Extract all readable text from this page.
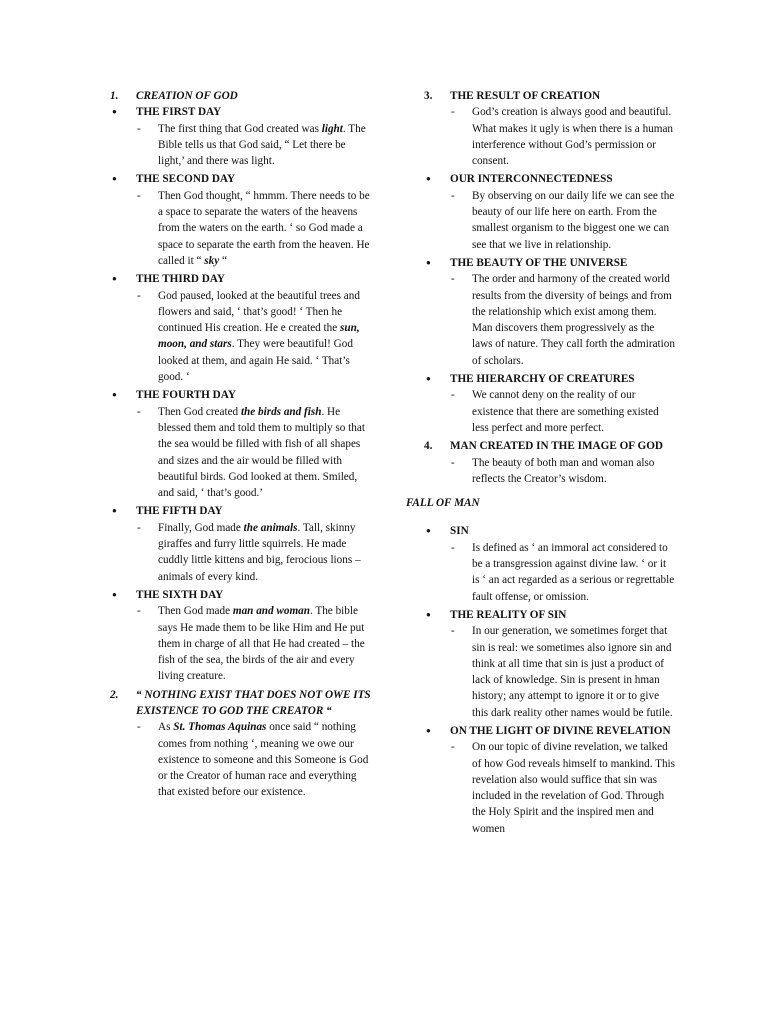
1. CREATION OF GOD
● THE FIRST DAY
- The first thing that God created was light. The Bible tells us that God said, “ Let there be light,’ and there was light.
● THE SECOND DAY
- Then God thought, “ hmmm. There needs to be a space to separate the waters of the heavens from the waters on the earth. ‘ so God made a space to separate the earth from the heaven. He called it “ sky “
● THE THIRD DAY
- God paused, looked at the beautiful trees and flowers and said, ‘ that’s good! ‘ Then he continued His creation. He e created the sun, moon, and stars. They were beautiful! God looked at them, and again He said. ‘ That’s good. ‘
● THE FOURTH DAY
- Then God created the birds and fish. He blessed them and told them to multiply so that the sea would be filled with fish of all shapes and sizes and the air would be filled with beautiful birds. God looked at them. Smiled, and said, ‘ that’s good.’
● THE FIFTH DAY
- Finally, God made the animals. Tall, skinny giraffes and furry little squirrels. He made cuddly little kittens and big, ferocious lions – animals of every kind.
● THE SIXTH DAY
- Then God made man and woman. The bible says He made them to be like Him and He put them in charge of all that He had created – the fish of the sea, the birds of the air and every living creature.
2. “ NOTHING EXIST THAT DOES NOT OWE ITS EXISTENCE TO GOD THE CREATOR “
- As St. Thomas Aquinas once said “ nothing comes from nothing ‘, meaning we owe our existence to someone and this Someone is God or the Creator of human race and everything that existed before our existence.
3. THE RESULT OF CREATION
- God’s creation is always good and beautiful. What makes it ugly is when there is a human interference without God’s permission or consent.
● OUR INTERCONNECTEDNESS
- By observing on our daily life we can see the beauty of our life here on earth. From the smallest organism to the biggest one we can see that we live in relationship.
● THE BEAUTY OF THE UNIVERSE
- The order and harmony of the created world results from the diversity of beings and from the relationship which exist among them. Man discovers them progressively as the laws of nature. They call forth the admiration of scholars.
● THE HIERARCHY OF CREATURES
- We cannot deny on the reality of our existence that there are something existed less perfect and more perfect.
4. MAN CREATED IN THE IMAGE OF GOD
- The beauty of both man and woman also reflects the Creator’s wisdom.
FALL OF MAN
● SIN
- Is defined as ‘ an immoral act considered to be a transgression against divine law. ‘ or it is ‘ an act regarded as a serious or regrettable fault offense, or omission.
● THE REALITY OF SIN
- In our generation, we sometimes forget that sin is real: we sometimes also ignore sin and think at all time that sin is just a product of lack of knowledge. Sin is present in hman history; any attempt to ignore it or to give this dark reality other names would be futile.
● ON THE LIGHT OF DIVINE REVELATION
- On our topic of divine revelation, we talked of how God reveals himself to mankind. This revelation also would suffice that sin was included in the revelation of God. Through the Holy Spirit and the inspired men and women
